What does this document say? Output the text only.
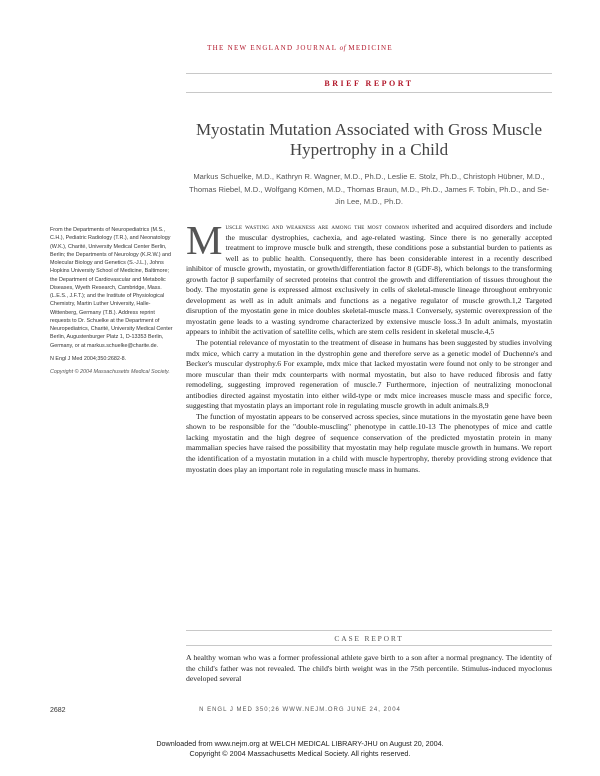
THE NEW ENGLAND JOURNAL of MEDICINE
BRIEF REPORT
Myostatin Mutation Associated with Gross Muscle Hypertrophy in a Child
Markus Schuelke, M.D., Kathryn R. Wagner, M.D., Ph.D., Leslie E. Stolz, Ph.D., Christoph Hübner, M.D., Thomas Riebel, M.D., Wolfgang Kömen, M.D., Thomas Braun, M.D., Ph.D., James F. Tobin, Ph.D., and Se-Jin Lee, M.D., Ph.D.

From the Departments of Neuropediatrics (M.S., C.H.), Pediatric Radiology (T.R.), and Neonatology (W.K.), Charité, University Medical Center Berlin, Berlin; the Departments of Neurology (K.R.W.) and Molecular Biology and Genetics (S.-J.L.), Johns Hopkins University School of Medicine, Baltimore; the Department of Cardiovascular and Metabolic Diseases, Wyeth Research, Cambridge, Mass. (L.E.S., J.F.T.); and the Institute of Physiological Chemistry, Martin Luther University, Halle-Wittenberg, Germany (T.B.). Address reprint requests to Dr. Schuelke at the Department of Neuropediatrics, Charité, University Medical Center Berlin, Augustenburger Platz 1, D-13353 Berlin, Germany, or at markus.schuelke@charite.de.

N Engl J Med 2004;350:2682-8.

Copyright © 2004 Massachusetts Medical Society.

Muscle wasting and weakness are among the most common inherited and acquired disorders and include the muscular dystrophies, cachexia, and age-related wasting. Since there is no generally accepted treatment to improve muscle bulk and strength, these conditions pose a substantial burden to patients as well as to public health. Consequently, there has been considerable interest in a recently described inhibitor of muscle growth, myostatin, or growth/differentiation factor 8 (GDF-8), which belongs to the transforming growth factor β superfamily of secreted proteins that control the growth and differentiation of tissues throughout the body. The myostatin gene is expressed almost exclusively in cells of skeletal-muscle lineage throughout embryonic development as well as in adult animals and functions as a negative regulator of muscle growth.1,2 Targeted disruption of the myostatin gene in mice doubles skeletal-muscle mass.1 Conversely, systemic overexpression of the myostatin gene leads to a wasting syndrome characterized by extensive muscle loss.3 In adult animals, myostatin appears to inhibit the activation of satellite cells, which are stem cells resident in skeletal muscle.4,5

The potential relevance of myostatin to the treatment of disease in humans has been suggested by studies involving mdx mice, which carry a mutation in the dystrophin gene and therefore serve as a genetic model of Duchenne's and Becker's muscular dystrophy.6 For example, mdx mice that lacked myostatin were found not only to be stronger and more muscular than their mdx counterparts with normal myostatin, but also to have reduced fibrosis and fatty remodeling, suggesting improved regeneration of muscle.7 Furthermore, injection of neutralizing monoclonal antibodies directed against myostatin into either wild-type or mdx mice increases muscle mass and specific force, suggesting that myostatin plays an important role in regulating muscle growth in adult animals.8,9

The function of myostatin appears to be conserved across species, since mutations in the myostatin gene have been shown to be responsible for the "double-muscling" phenotype in cattle.10-13 The phenotypes of mice and cattle lacking myostatin and the high degree of sequence conservation of the predicted myostatin protein in many mammalian species have raised the possibility that myostatin may help regulate muscle growth in humans. We report the identification of a myostatin mutation in a child with muscle hypertrophy, thereby providing strong evidence that myostatin does play an important role in regulating muscle mass in humans.

CASE REPORT

A healthy woman who was a former professional athlete gave birth to a son after a normal pregnancy. The identity of the child's father was not revealed. The child's birth weight was in the 75th percentile. Stimulus-induced myoclonus developed several

2682	N ENGL J MED 350;26 WWW.NEJM.ORG JUNE 24, 2004
Downloaded from www.nejm.org at WELCH MEDICAL LIBRARY-JHU on August 20, 2004.
Copyright © 2004 Massachusetts Medical Society. All rights reserved.
